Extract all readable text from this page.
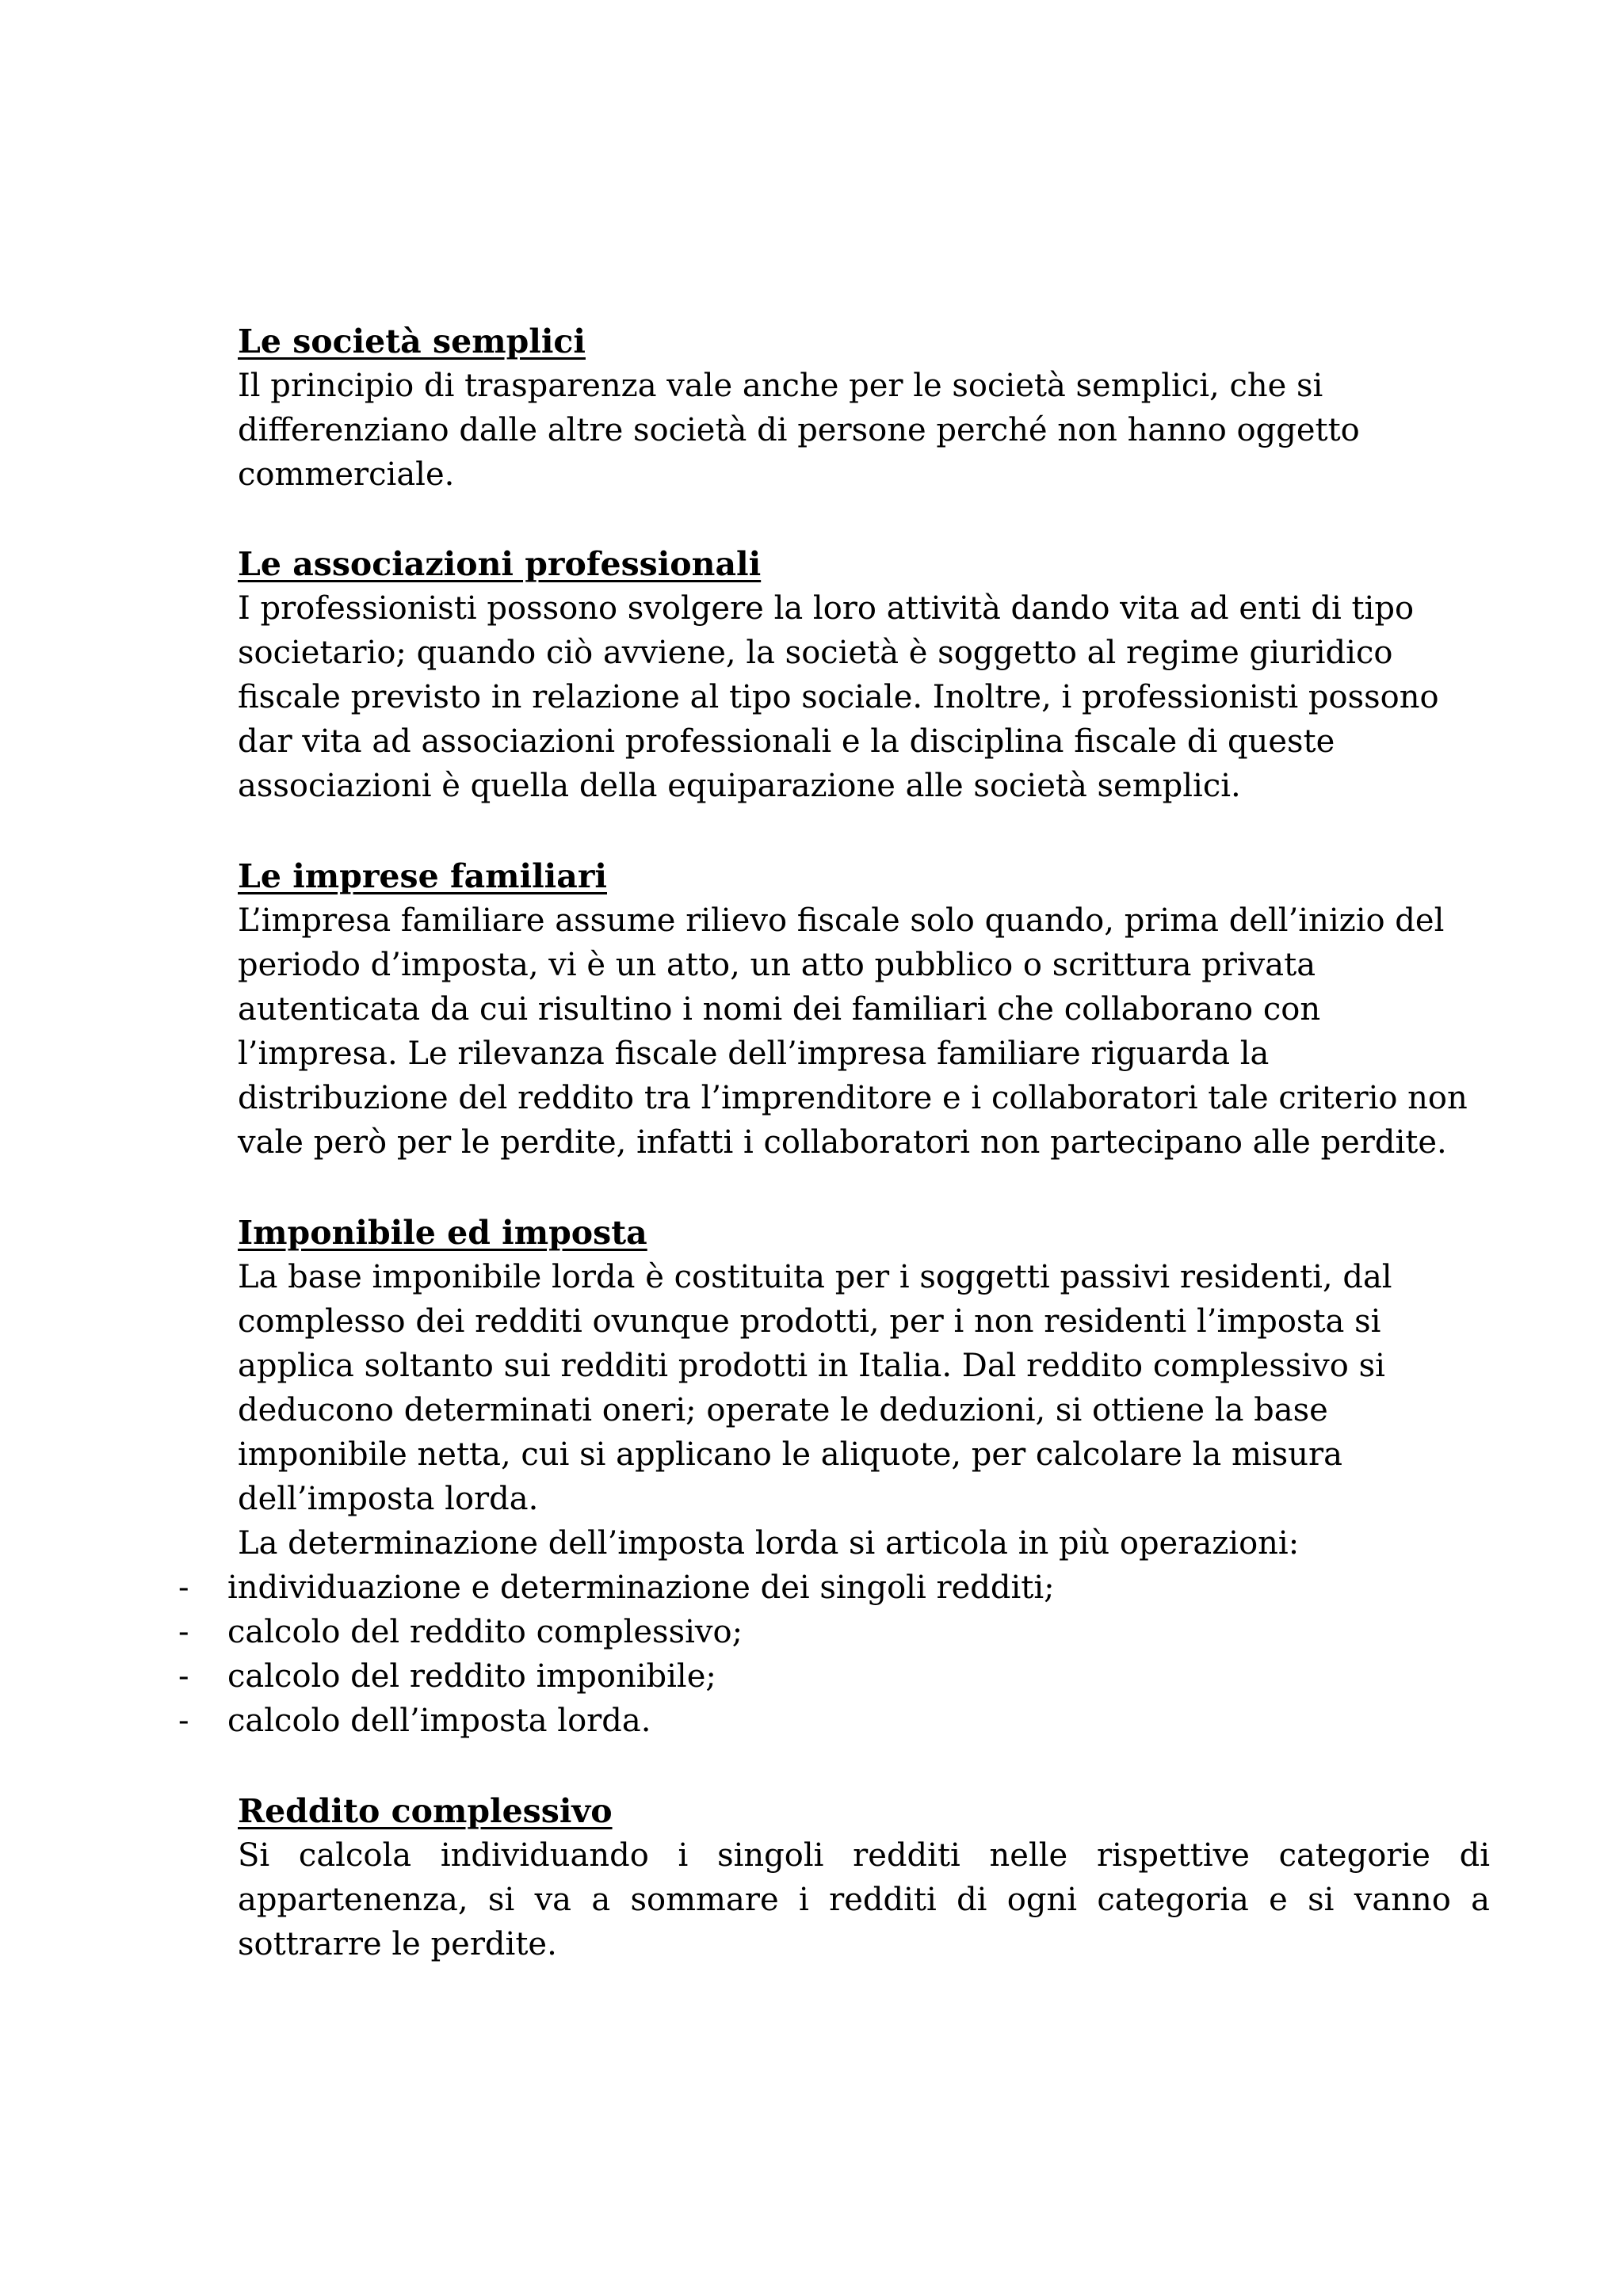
Le società semplici
Il principio di trasparenza vale anche per le società semplici, che si
differenziano dalle altre società di persone perché non hanno oggetto
commerciale.
Le associazioni professionali
I professionisti possono svolgere la loro attività dando vita ad enti di tipo
societario; quando ciò avviene, la società è soggetto al regime giuridico
fiscale previsto in relazione al tipo sociale. Inoltre, i professionisti possono
dar vita ad associazioni professionali e la disciplina fiscale di queste
associazioni è quella della equiparazione alle società semplici.
Le imprese familiari
L’impresa familiare assume rilievo fiscale solo quando, prima dell’inizio del
periodo d’imposta, vi è un atto, un atto pubblico o scrittura privata
autenticata da cui risultino i nomi dei familiari che collaborano con
l’impresa. Le rilevanza fiscale dell’impresa familiare riguarda la
distribuzione del reddito tra l’imprenditore e i collaboratori tale criterio non
vale però per le perdite, infatti i collaboratori non partecipano alle perdite.
Imponibile ed imposta
La base imponibile lorda è costituita per i soggetti passivi residenti, dal
complesso dei redditi ovunque prodotti, per i non residenti l’imposta si
applica soltanto sui redditi prodotti in Italia. Dal reddito complessivo si
deducono determinati oneri; operate le deduzioni, si ottiene la base
imponibile netta, cui si applicano le aliquote, per calcolare la misura
dell’imposta lorda.
La determinazione dell’imposta lorda si articola in più operazioni:
-	individuazione e determinazione dei singoli redditi;
-	calcolo del reddito complessivo;
-	calcolo del reddito imponibile;
-	calcolo dell’imposta lorda.
Reddito complessivo
Si calcola individuando i singoli redditi nelle rispettive categorie di
appartenenza, si va a sommare i redditi di ogni categoria e si vanno a
sottrarre le perdite.
